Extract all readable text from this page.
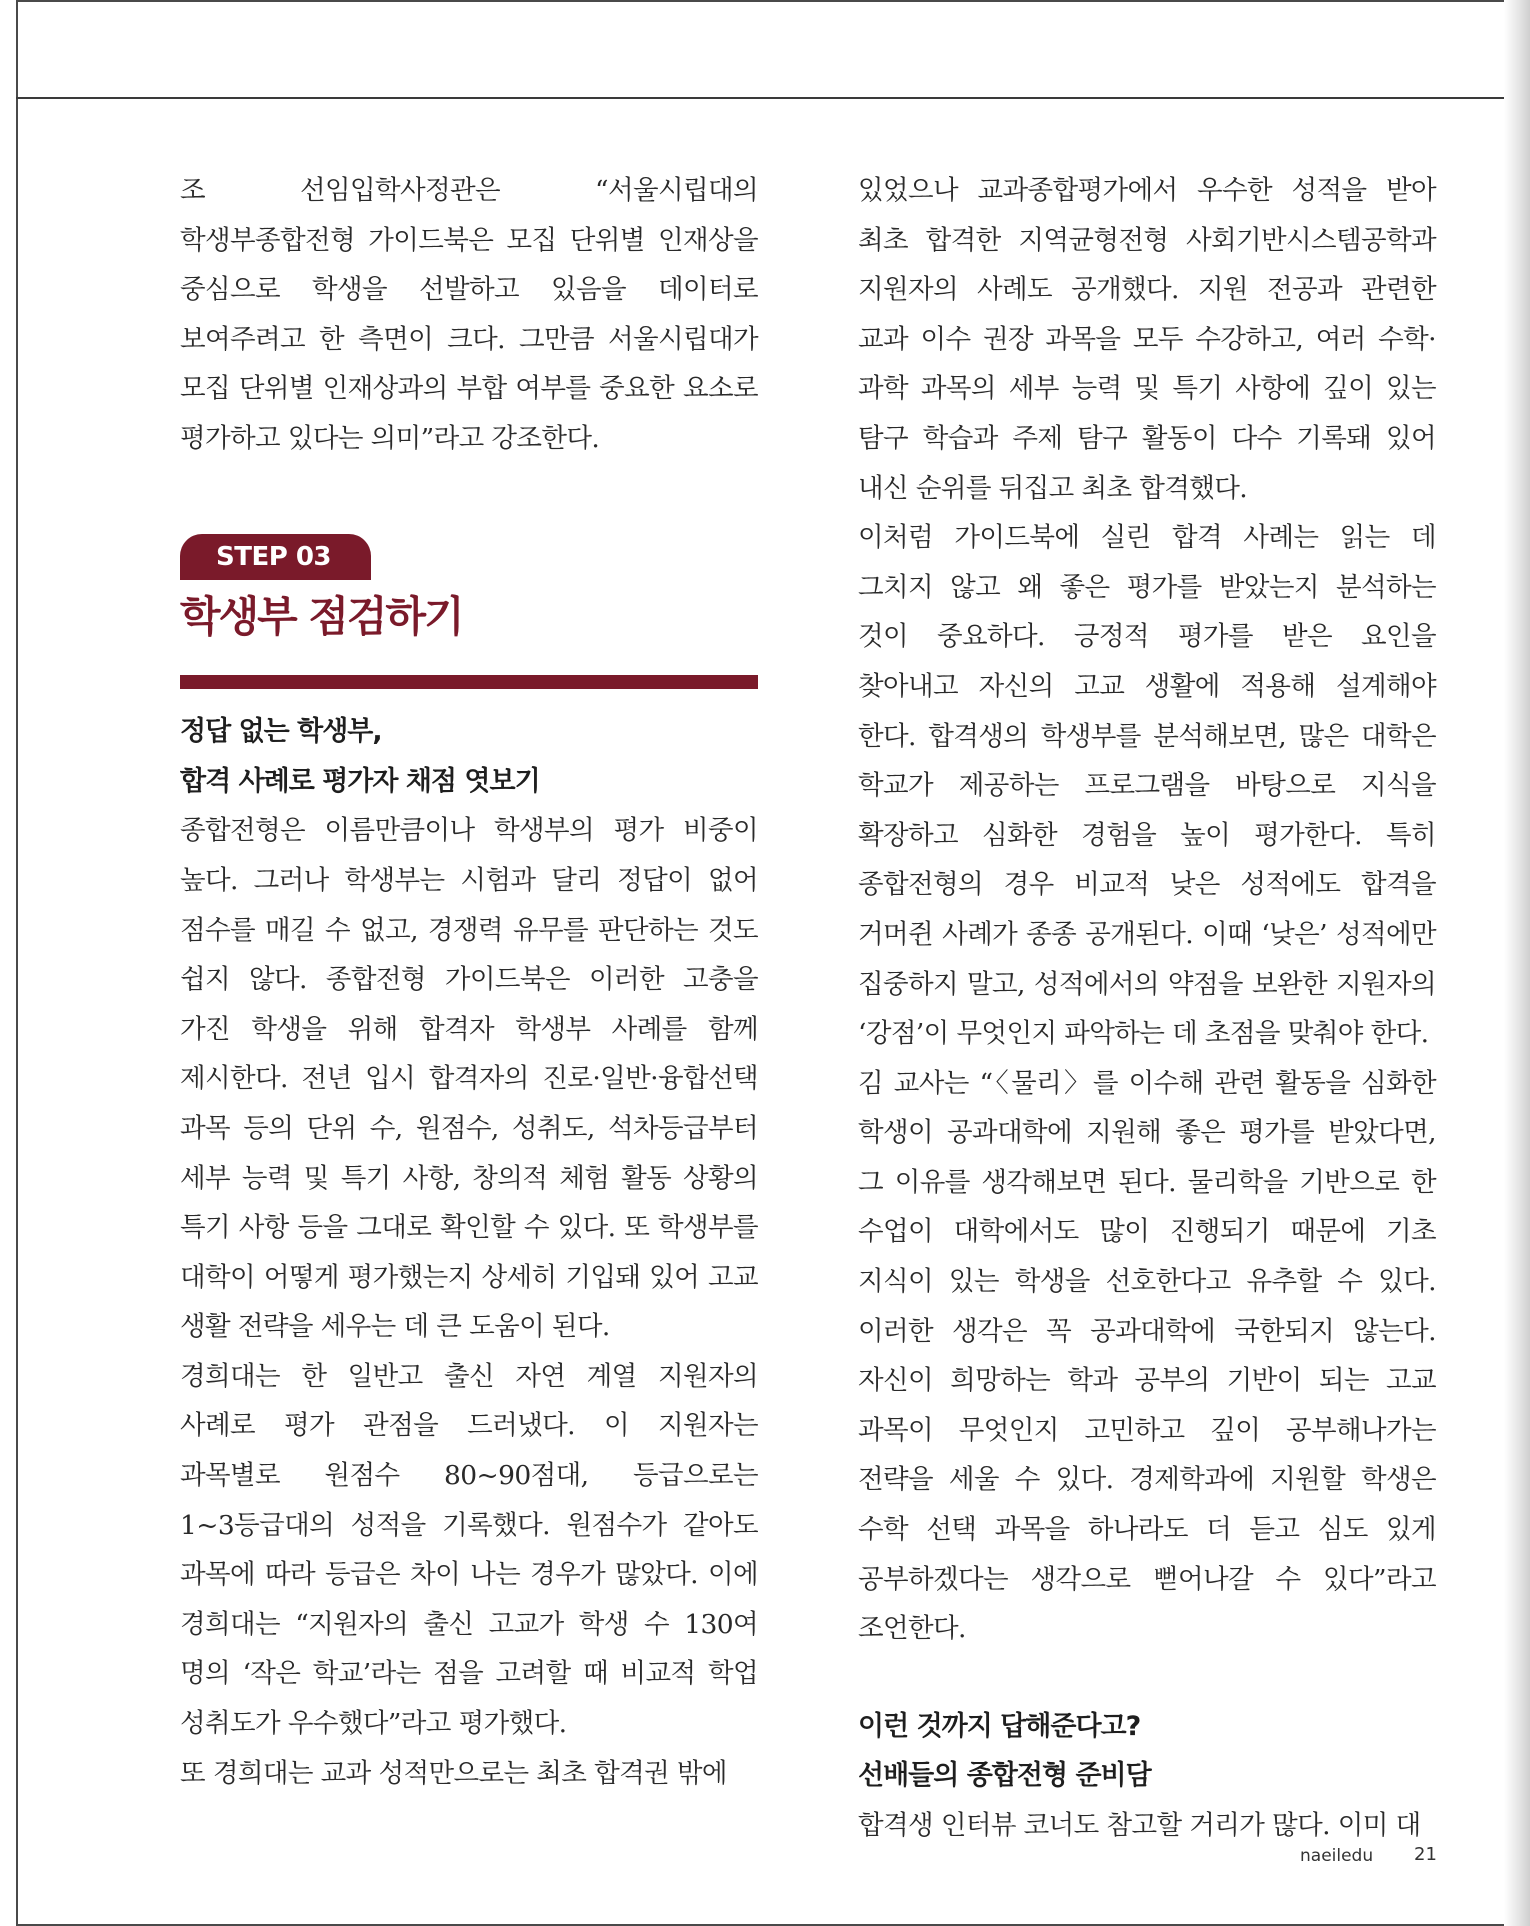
조 선임입학사정관은 “서울시립대의 학생부종합전형 가이드북은 모집 단위별 인재상을 중심으로 학생을 선발하고 있음을 데이터로 보여주려고 한 측면이 크다. 그만큼 서울시립대가 모집 단위별 인재상과의 부합 여부를 중요한 요소로 평가하고 있다는 의미”라고 강조한다.

STEP 03
학생부 점검하기
정답 없는 학생부,
합격 사례로 평가자 채점 엿보기

종합전형은 이름만큼이나 학생부의 평가 비중이 높다. 그러나 학생부는 시험과 달리 정답이 없어 점수를 매길 수 없고, 경쟁력 유무를 판단하는 것도 쉽지 않다. 종합전형 가이드북은 이러한 고충을 가진 학생을 위해 합격자 학생부 사례를 함께 제시한다. 전년 입시 합격자의 진로·일반·융합선택 과목 등의 단위 수, 원점수, 성취도, 석차등급부터 세부 능력 및 특기 사항, 창의적 체험 활동 상황의 특기 사항 등을 그대로 확인할 수 있다. 또 학생부를 대학이 어떻게 평가했는지 상세히 기입돼 있어 고교 생활 전략을 세우는 데 큰 도움이 된다.

경희대는 한 일반고 출신 자연 계열 지원자의 사례로 평가 관점을 드러냈다. 이 지원자는 과목별로 원점수 80~90점대, 등급으로는 1~3등급대의 성적을 기록했다. 원점수가 같아도 과목에 따라 등급은 차이 나는 경우가 많았다. 이에 경희대는 “지원자의 출신 고교가 학생 수 130여 명의 ‘작은 학교’라는 점을 고려할 때 비교적 학업 성취도가 우수했다”라고 평가했다.

또 경희대는 교과 성적만으로는 최초 합격권 밖에

있었으나 교과종합평가에서 우수한 성적을 받아 최초 합격한 지역균형전형 사회기반시스템공학과 지원자의 사례도 공개했다. 지원 전공과 관련한 교과 이수 권장 과목을 모두 수강하고, 여러 수학·과학 과목의 세부 능력 및 특기 사항에 깊이 있는 탐구 학습과 주제 탐구 활동이 다수 기록돼 있어 내신 순위를 뒤집고 최초 합격했다.

이처럼 가이드북에 실린 합격 사례는 읽는 데 그치지 않고 왜 좋은 평가를 받았는지 분석하는 것이 중요하다. 긍정적 평가를 받은 요인을 찾아내고 자신의 고교 생활에 적용해 설계해야 한다. 합격생의 학생부를 분석해보면, 많은 대학은 학교가 제공하는 프로그램을 바탕으로 지식을 확장하고 심화한 경험을 높이 평가한다. 특히 종합전형의 경우 비교적 낮은 성적에도 합격을 거머쥔 사례가 종종 공개된다. 이때 ‘낮은’ 성적에만 집중하지 말고, 성적에서의 약점을 보완한 지원자의 ‘강점’이 무엇인지 파악하는 데 초점을 맞춰야 한다.

김 교사는 “〈물리〉를 이수해 관련 활동을 심화한 학생이 공과대학에 지원해 좋은 평가를 받았다면, 그 이유를 생각해보면 된다. 물리학을 기반으로 한 수업이 대학에서도 많이 진행되기 때문에 기초 지식이 있는 학생을 선호한다고 유추할 수 있다. 이러한 생각은 꼭 공과대학에 국한되지 않는다. 자신이 희망하는 학과 공부의 기반이 되는 고교 과목이 무엇인지 고민하고 깊이 공부해나가는 전략을 세울 수 있다. 경제학과에 지원할 학생은 수학 선택 과목을 하나라도 더 듣고 심도 있게 공부하겠다는 생각으로 뻗어나갈 수 있다”라고 조언한다.

이런 것까지 답해준다고?
선배들의 종합전형 준비담

합격생 인터뷰 코너도 참고할 거리가 많다. 이미 대

naeiledu 21
